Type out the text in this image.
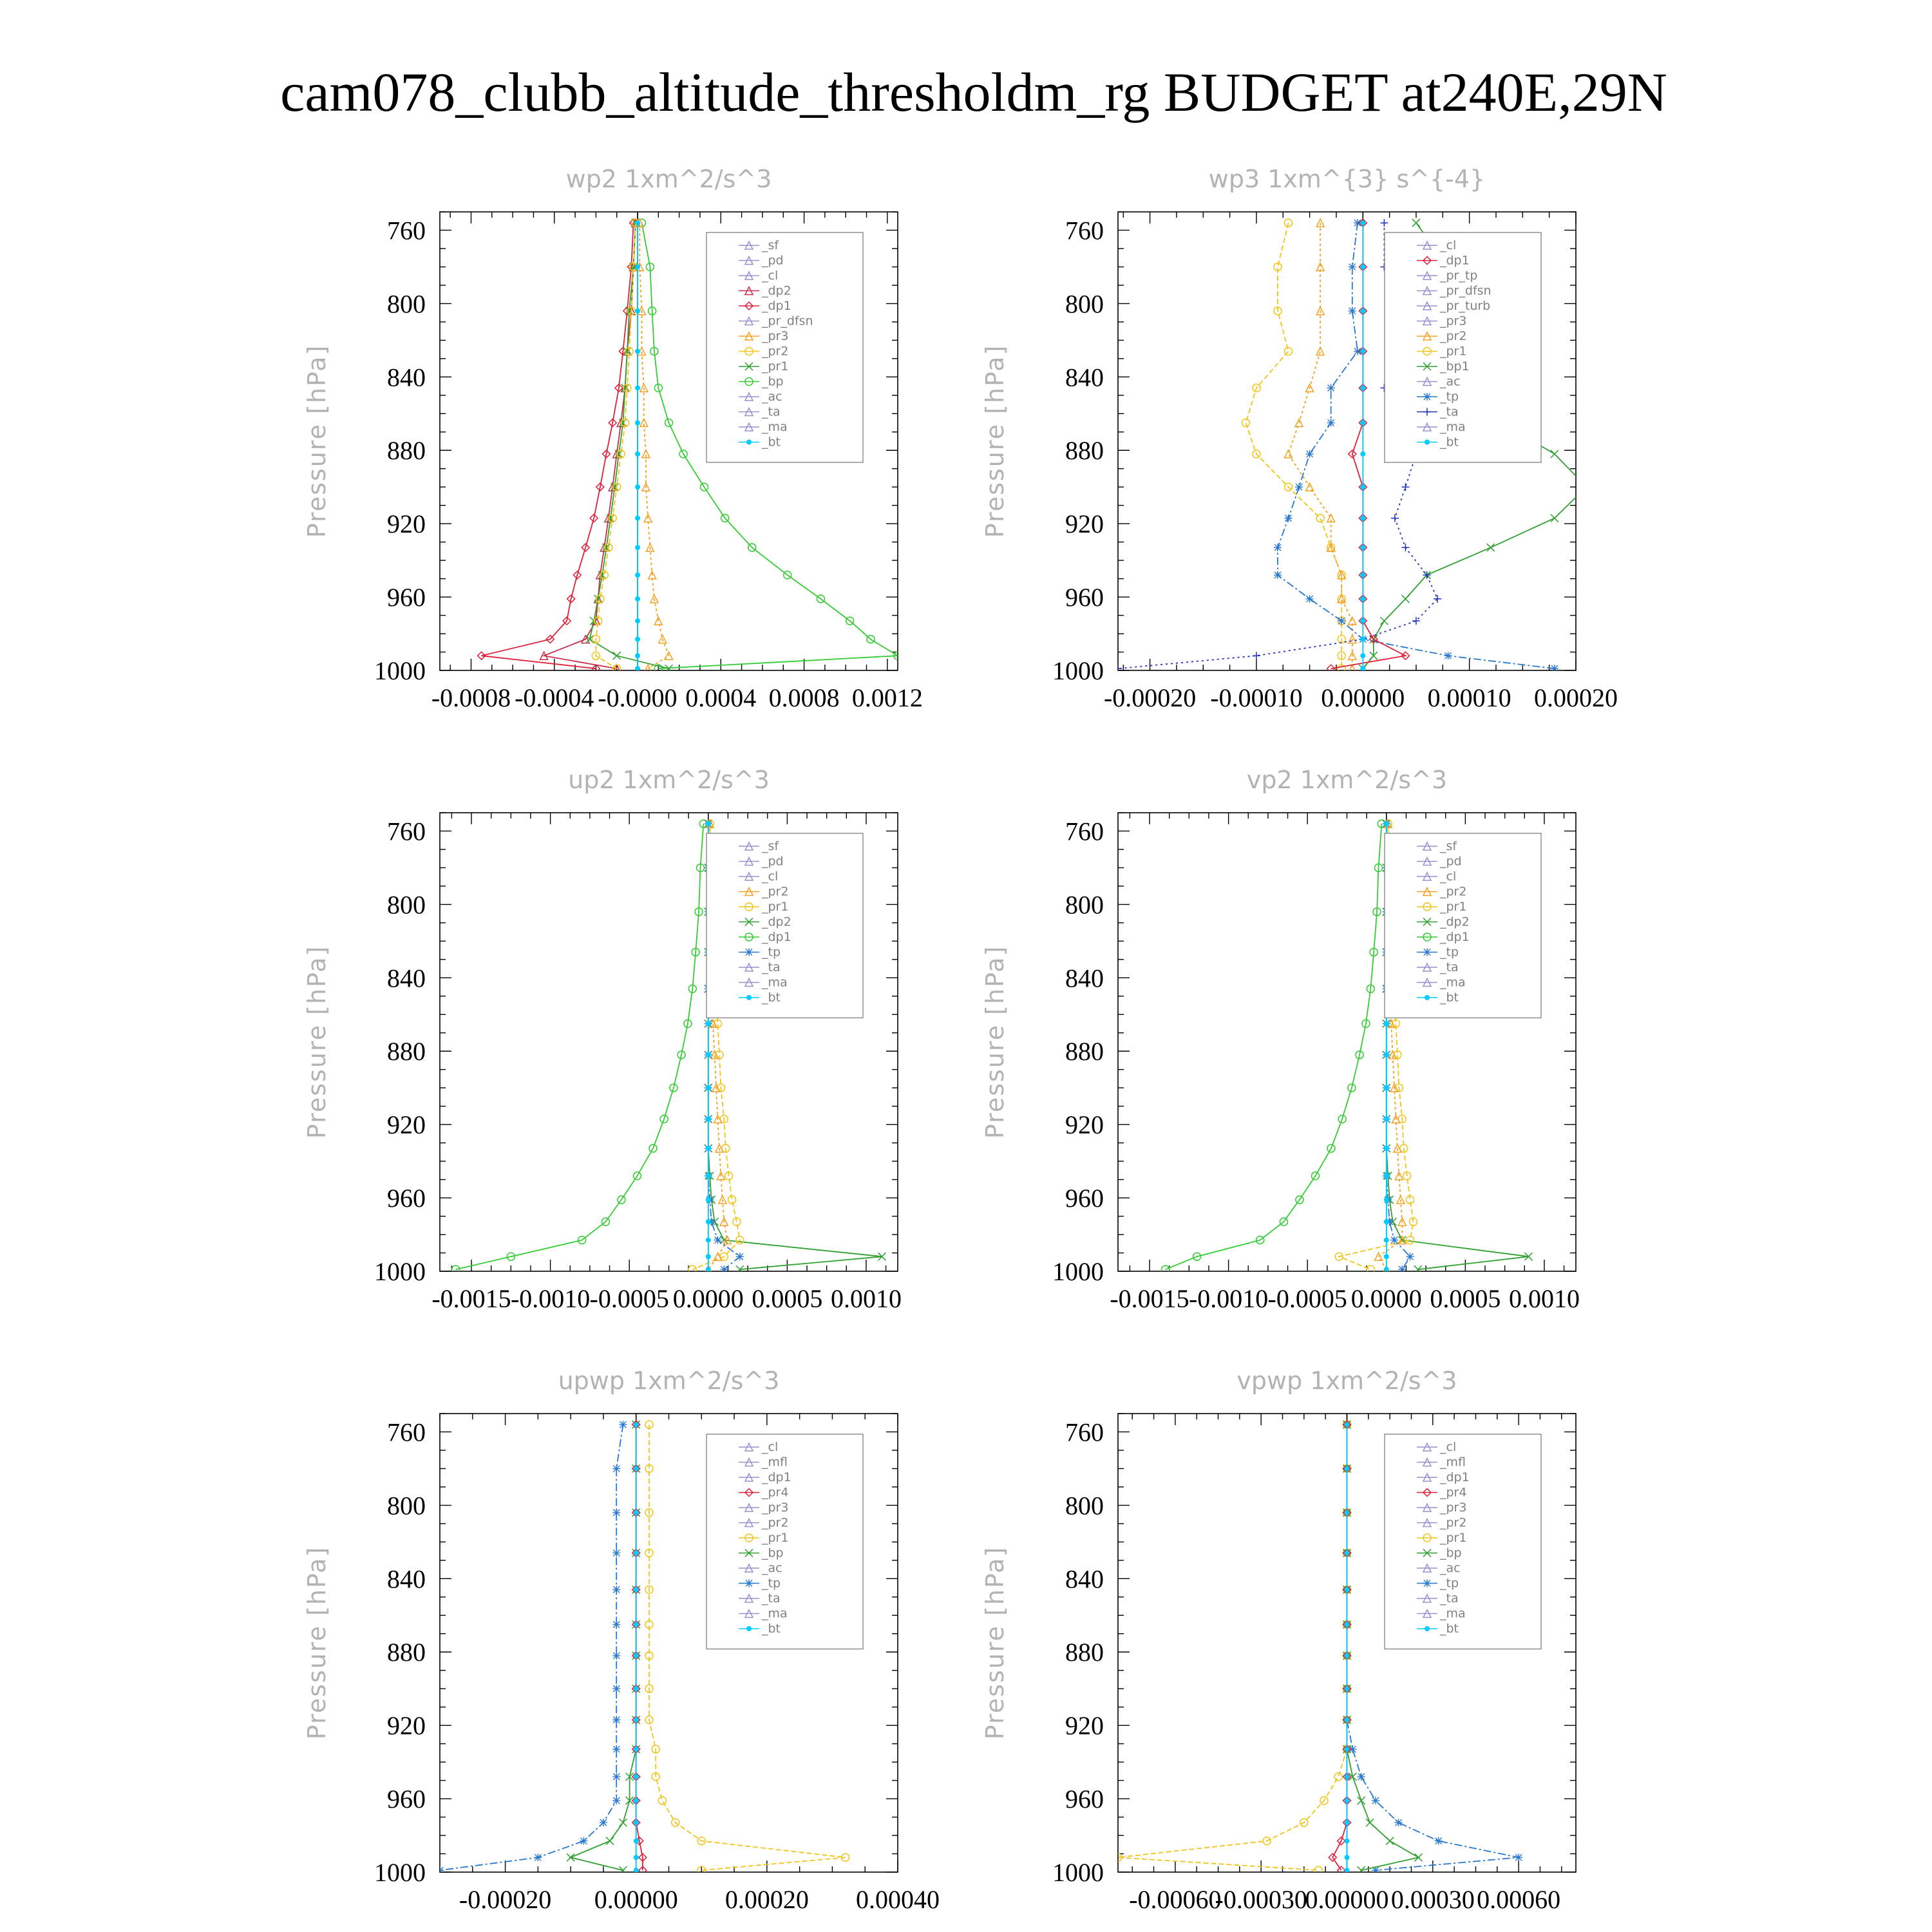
cam078_clubb_altitude_thresholdm_rg BUDGET at240E,29N
wp2 1xm^2/s^3
Pressure [hPa]
760
800
840
880
920
960
1000
-0.0008 -0.0004 -0.0000 0.0004 0.0008 0.0012
_sf
_pd
_cl
_dp2
_dp1
_pr_dfsn
_pr3
_pr2
_pr1
_bp
_ac
_ta
_ma
_bt
wp3 1xm^{3} s^{-4}
Pressure [hPa]
760
800
840
880
920
960
1000
-0.00020 -0.00010 0.00000 0.00010 0.00020
_cl
_dp1
_pr_tp
_pr_dfsn
_pr_turb
_pr3
_pr2
_pr1
_bp1
_ac
_tp
_ta
_ma
_bt
up2 1xm^2/s^3
Pressure [hPa]
760
800
840
880
920
960
1000
-0.0015 -0.0010 -0.0005 0.0000 0.0005 0.0010
_sf
_pd
_cl
_pr2
_pr1
_dp2
_dp1
_tp
_ta
_ma
_bt
vp2 1xm^2/s^3
Pressure [hPa]
760
800
840
880
920
960
1000
-0.0015 -0.0010 -0.0005 0.0000 0.0005 0.0010
_sf
_pd
_cl
_pr2
_pr1
_dp2
_dp1
_tp
_ta
_ma
_bt
upwp 1xm^2/s^3
Pressure [hPa]
760
800
840
880
920
960
1000
-0.00020 0.00000 0.00020 0.00040
_cl
_mfl
_dp1
_pr4
_pr3
_pr2
_pr1
_bp
_ac
_tp
_ta
_ma
_bt
vpwp 1xm^2/s^3
Pressure [hPa]
760
800
840
880
920
960
1000
-0.00060
-0.00030
0.00000 0.00030 0.00060
_cl
_mfl
_dp1
_pr4
_pr3
_pr2
_pr1
_bp
_ac
_tp
_ta
_ma
_bt
